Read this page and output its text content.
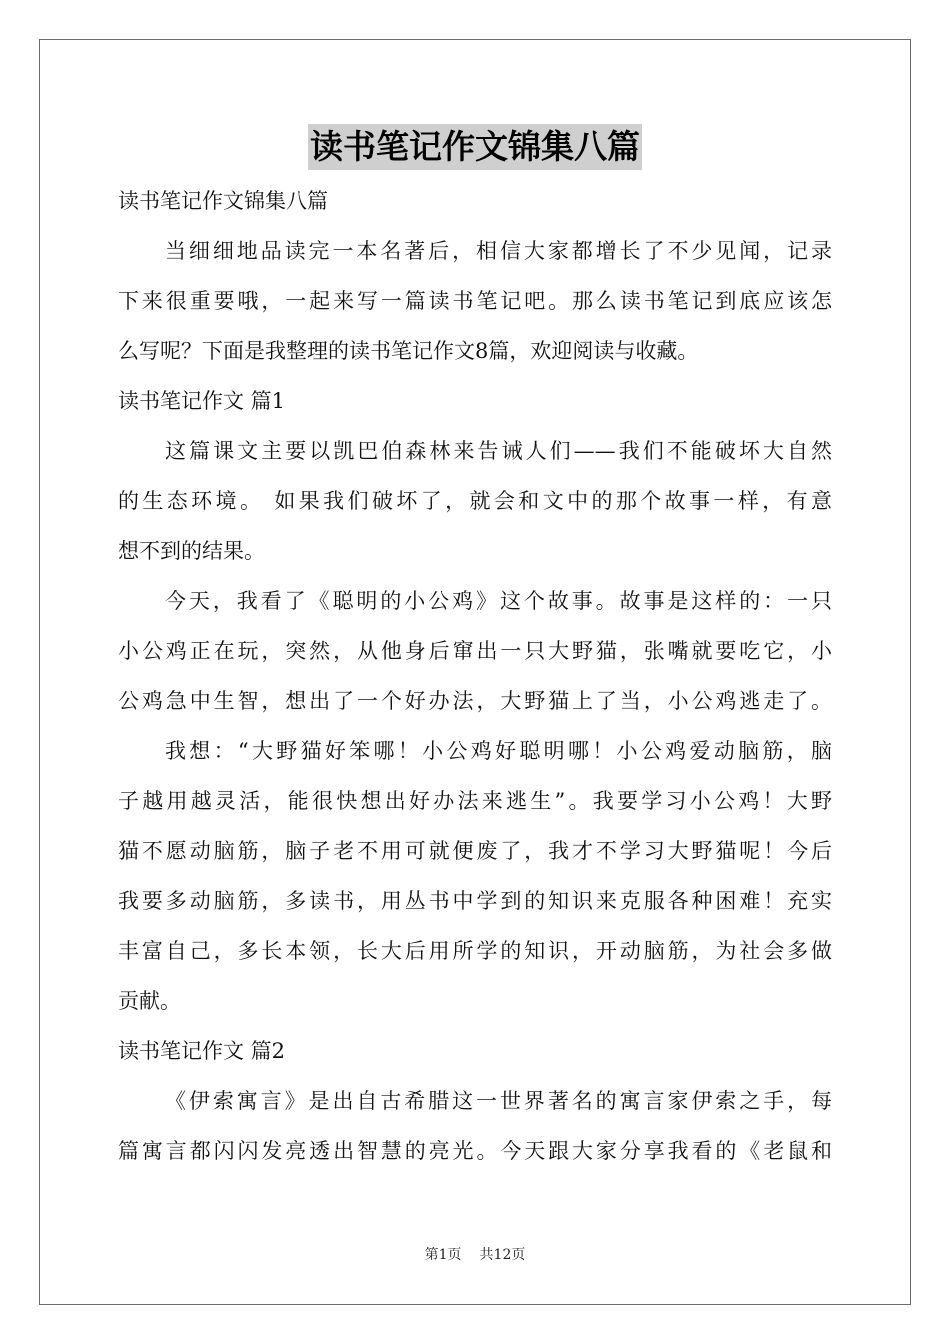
读书笔记作文锦集八篇
读书笔记作文锦集八篇
当细细地品读完一本名著后，相信大家都增长了不少见闻，记录
下来很重要哦，一起来写一篇读书笔记吧。那么读书笔记到底应该怎
么写呢？下面是我整理的读书笔记作文8篇，欢迎阅读与收藏。
读书笔记作文 篇1
这篇课文主要以凯巴伯森林来告诫人们——我们不能破坏大自然
的生态环境。 如果我们破坏了，就会和文中的那个故事一样，有意
想不到的结果。
今天，我看了《聪明的小公鸡》这个故事。故事是这样的：一只
小公鸡正在玩，突然，从他身后窜出一只大野猫，张嘴就要吃它，小
公鸡急中生智，想出了一个好办法，大野猫上了当，小公鸡逃走了。
我想：“大野猫好笨哪！小公鸡好聪明哪！小公鸡爱动脑筋，脑
子越用越灵活，能很快想出好办法来逃生”。我要学习小公鸡！大野
猫不愿动脑筋，脑子老不用可就便废了，我才不学习大野猫呢！今后
我要多动脑筋，多读书，用丛书中学到的知识来克服各种困难！充实
丰富自己，多长本领，长大后用所学的知识，开动脑筋，为社会多做
贡献。
读书笔记作文 篇2
《伊索寓言》是出自古希腊这一世界著名的寓言家伊索之手，每
篇寓言都闪闪发亮透出智慧的亮光。今天跟大家分享我看的《老鼠和
第1页 共12页
